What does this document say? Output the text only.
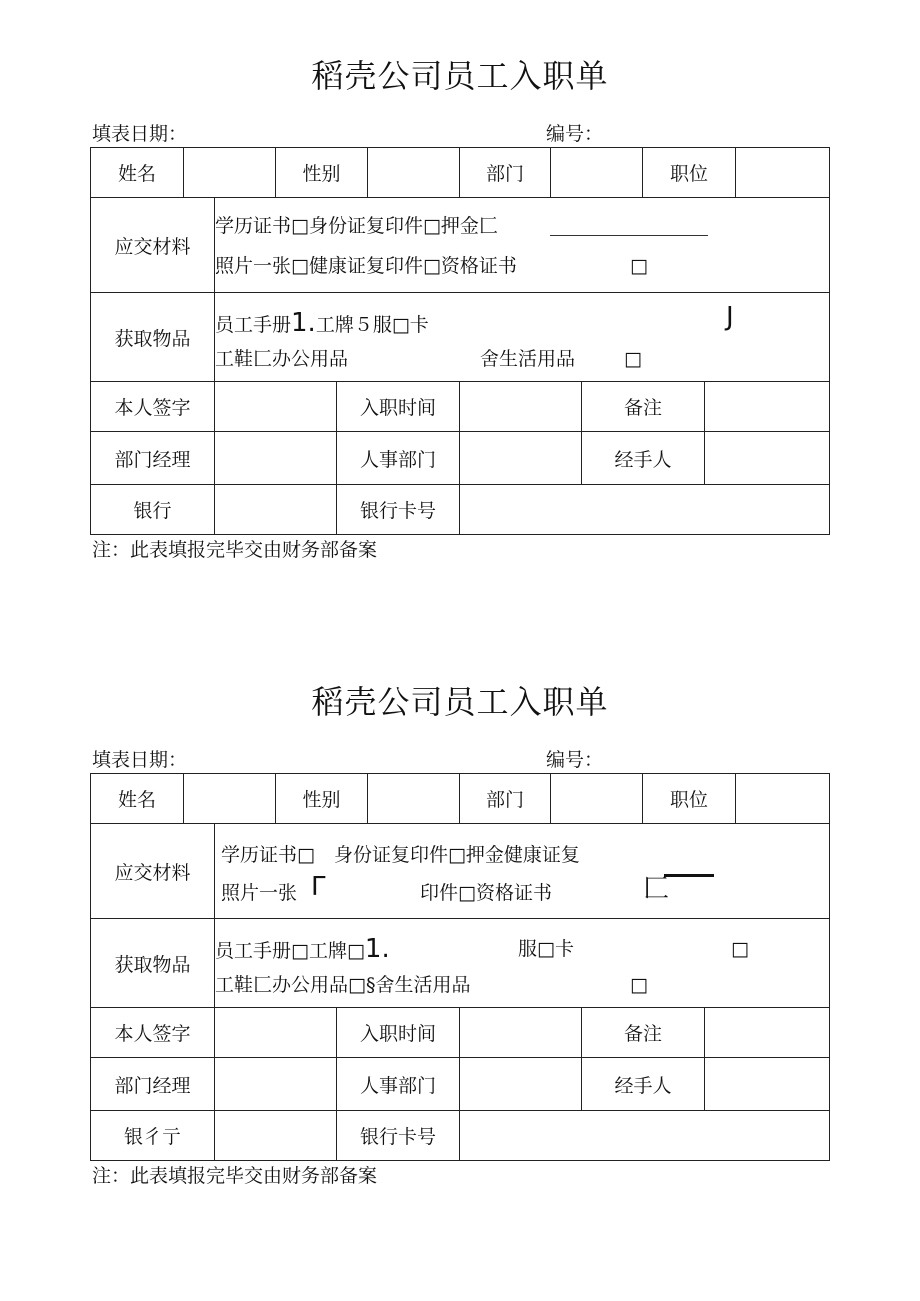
稻壳公司员工入职单
填表日期：	编号：
姓名	性别	部门	职位
应交材料
学历证书□身份证复印件□押金匚
照片一张□健康证复印件□资格证书	□
获取物品
员工手册1.工牌５服□卡	J
工鞋匚办公用品	舍生活用品	□
本人签字	入职时间	备注
部门经理	人事部门	经手人
银行	银行卡号
注：此表填报完毕交由财务部备案
稻壳公司员工入职单
填表日期：	编号：
姓名	性别	部门	职位
应交材料
学历证书□　身份证复印件□押金健康证复
照片一张 Γ	印件□资格证书	匚
获取物品
员工手册□工牌□1.	服□卡	□
工鞋匚办公用品□§舍生活用品	□
本人签字	入职时间	备注
部门经理	人事部门	经手人
银彳亍	银行卡号
注：此表填报完毕交由财务部备案
